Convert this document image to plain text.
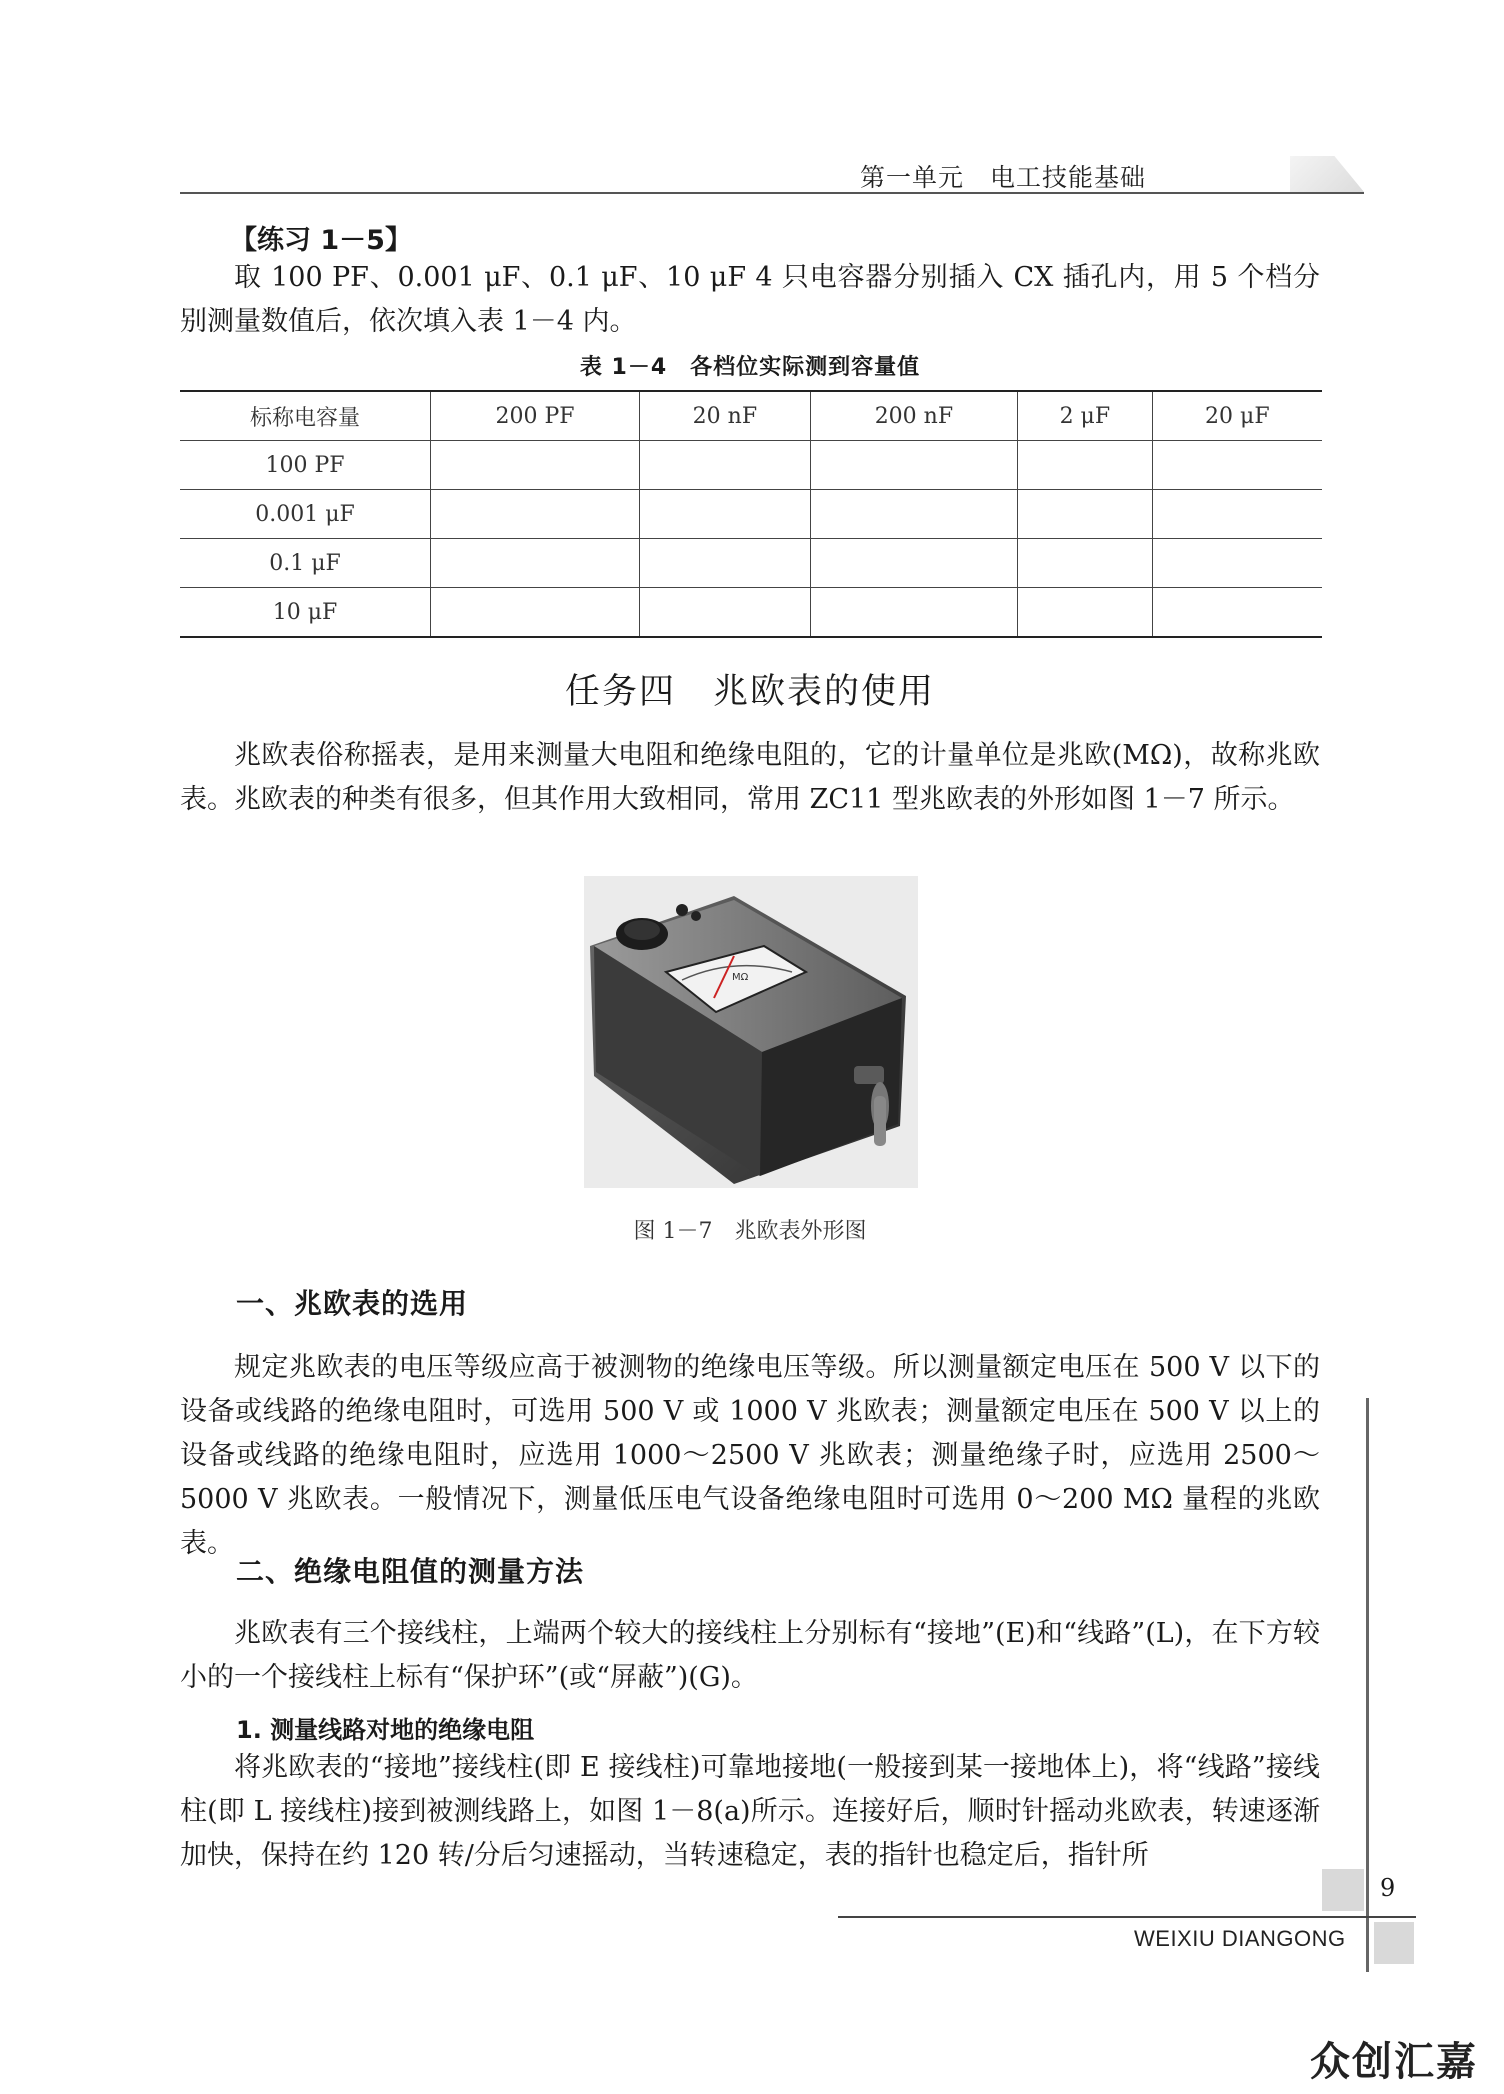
第一单元　电工技能基础
【练习 1－5】

取 100 PF、0.001 μF、0.1 μF、10 μF 4 只电容器分别插入 CX 插孔内，用 5 个档分别测量数值后，依次填入表 1－4 内。

表 1－4　各档位实际测到容量值
标称电容量	200 PF	20 nF	200 nF	2 μF	20 μF
100 PF					
0.001 μF					
0.1 μF					
10 μF					
任务四　兆欧表的使用

兆欧表俗称摇表，是用来测量大电阻和绝缘电阻的，它的计量单位是兆欧(MΩ)，故称兆欧表。兆欧表的种类有很多，但其作用大致相同，常用 ZC11 型兆欧表的外形如图 1－7 所示。

MΩ
图 1－7　兆欧表外形图
一、兆欧表的选用

规定兆欧表的电压等级应高于被测物的绝缘电压等级。所以测量额定电压在 500 V 以下的设备或线路的绝缘电阻时，可选用 500 V 或 1000 V 兆欧表；测量额定电压在 500 V 以上的设备或线路的绝缘电阻时，应选用 1000～2500 V 兆欧表；测量绝缘子时，应选用 2500～5000 V 兆欧表。一般情况下，测量低压电气设备绝缘电阻时可选用 0～200 MΩ 量程的兆欧表。

二、绝缘电阻值的测量方法

兆欧表有三个接线柱，上端两个较大的接线柱上分别标有“接地”(E)和“线路”(L)，在下方较小的一个接线柱上标有“保护环”(或“屏蔽”)(G)。

1. 测量线路对地的绝缘电阻

将兆欧表的“接地”接线柱(即 E 接线柱)可靠地接地(一般接到某一接地体上)，将“线路”接线柱(即 L 接线柱)接到被测线路上，如图 1－8(a)所示。连接好后，顺时针摇动兆欧表，转速逐渐加快，保持在约 120 转/分后匀速摇动，当转速稳定，表的指针也稳定后，指针所

9
WEIXIU DIANGONG
众创汇嘉
